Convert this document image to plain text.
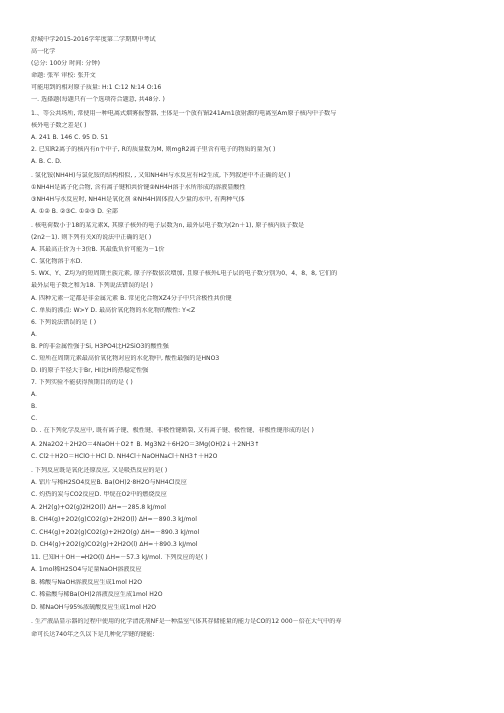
舒城中学2015-2016学年度第二学期期中考试
高一化学
(总分: 100分 时间: 分钟)
命题: 张军 审校: 张开文
可能用到的相对原子质量: H:1 C:12 N:14 O:16
一. 选择题(每题只有一个选项符合题意, 共48分. )
1.、等公共场所, 常使用一种电离式烟雾报警器, 主体是一个放有镅241Am1放射源的电离室Am原子核内中子数与
核外电子数之差是( )
A. 241 B. 146 C. 95 D. 51
2. 已知R2离子的核内有n个中子, R的质量数为M, 则mgR2离子里含有电子的物质的量为( )
A. B. C. D.
. 氢化铵(NH4H)与氯化铵的结构相似, , 又知NH4H与水反应有H2生成, 下列叙述中不正确的是( )
①NH4H是离子化合物, 含有离子键和共价键②NH4H溶于水所形成的溶液显酸性
③NH4H与水反应时, NH4H是氧化剂 ④NH4H固体投入少量的水中, 有两种气体
A. ①② B. ②③C. ①②③ D. 全部
. 核电荷数小于18的某元素X, 其原子核外的电子层数为n, 最外层电子数为(2n＋1), 原子核内质子数是
(2n2－1). 则下列有关X的说法中正确的是( )
A. 其最高正价为＋3价B. 其最低负价可能为－1价
C. 氢化物溶于水D.
5. WX、Y、Z均为的短周期主族元素, 原子序数依次增加, 且原子核外L电子层的电子数分别为0、4、8、8, 它们的
最外层电子数之和为18. 下列说法错误的是( )
A. 四种元素一定都是非金属元素 B. 常见化合物XZ4分子中只含极性共价键
C. 单质的沸点: W>Y D. 最高价氧化物的水化物的酸性: Y<Z
6. 下列说法错误的是 ( )
A.
B. P的非金属性强于Si, H3PO4比H2SiO3的酸性强
C. 短所在周期元素最高价氧化物对应的水化物中, 酸性最强的是HNO3
D. I的原子半径大于Br, HI比H的热稳定性强
7. 下列实验不能获得预期目的的是 ( )
A.
B.
C.
D. . 在下列化学反应中, 既有离子键、极性键、非极性键断裂, 又有离子键、极性键、非极性键形成的是( )
A. 2Na2O2＋2H2O＝4NaOH＋O2↑ B. Mg3N2＋6H2O＝3Mg(OH)2↓＋2NH3↑
C. Cl2＋H2O＝HClO＋HCl D. NH4Cl＋NaOHNaCl＋NH3↑＋H2O
. 下列反应既是氧化还原反应, 又是吸热反应的是( )
A. 铝片与稀H2SO4反应B. Ba(OH)2·8H2O与NH4Cl反应
C. 灼热的炭与CO2反应D. 甲烷在O2中的燃烧反应
A. 2H2(g)+O2(g)2H2O(l) ΔH=－285.8 kJ/mol
B. CH4(g)+2O2(g)CO2(g)+2H2O(l) ΔH=－890.3 kJ/mol
C. CH4(g)+2O2(g)CO2(g)+2H2O(g) ΔH=－890.3 kJ/mol
D. CH4(g)+2O2(g)CO2(g)+2H2O(l) ΔH=＋890.3 kJ/mol
11. 已知H＋OH－═H2O(l) ΔH=－57.3 kJ/mol. 下列反应的是( )
A. 1mol稀H2SO4与足量NaOH溶液反应
B. 稀酸与NaOH溶液反应生成1mol H2O
C. 稀盐酸与稀Ba(OH)2溶液反应生成1mol H2O
D. 稀NaOH与95%浓硫酸反应生成1mol H2O
. 生产液晶显示器的过程中使用的化学清洗剂NF是一种温室气体其存储能量的能力是CO的12 000－倍在大气中的寿
命可长达740年之久以下是几种化学键的键能:
